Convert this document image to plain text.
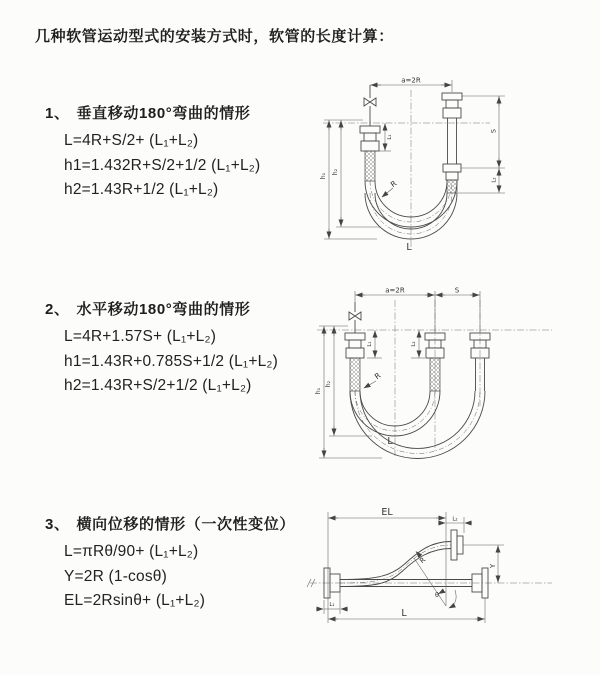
几种软管运动型式的安装方式时，软管的长度计算：
1、 垂直移动180°弯曲的情形
L=4R+S/2+ (L₁+L₂)
h1=1.432R+S/2+1/2 (L₁+L₂)
h2=1.43R+1/2 (L₁+L₂)
2、 水平移动180°弯曲的情形
L=4R+1.57S+ (L₁+L₂)
h1=1.43R+0.785S+1/2 (L₁+L₂)
h2=1.43R+S/2+1/2 (L₁+L₂)
3、 横向位移的情形（一次性变位）
L=πRθ/90+ (L₁+L₂)
Y=2R (1-cosθ)
EL=2Rsinθ+ (L₁+L₂)
a=2R
h₁
h₂
L₁
S
L₂
R
L
a=2R	S
h₁
h₂
L₁	L₂
R
L
EL
L₂
Y
R
θ
L
L₁
